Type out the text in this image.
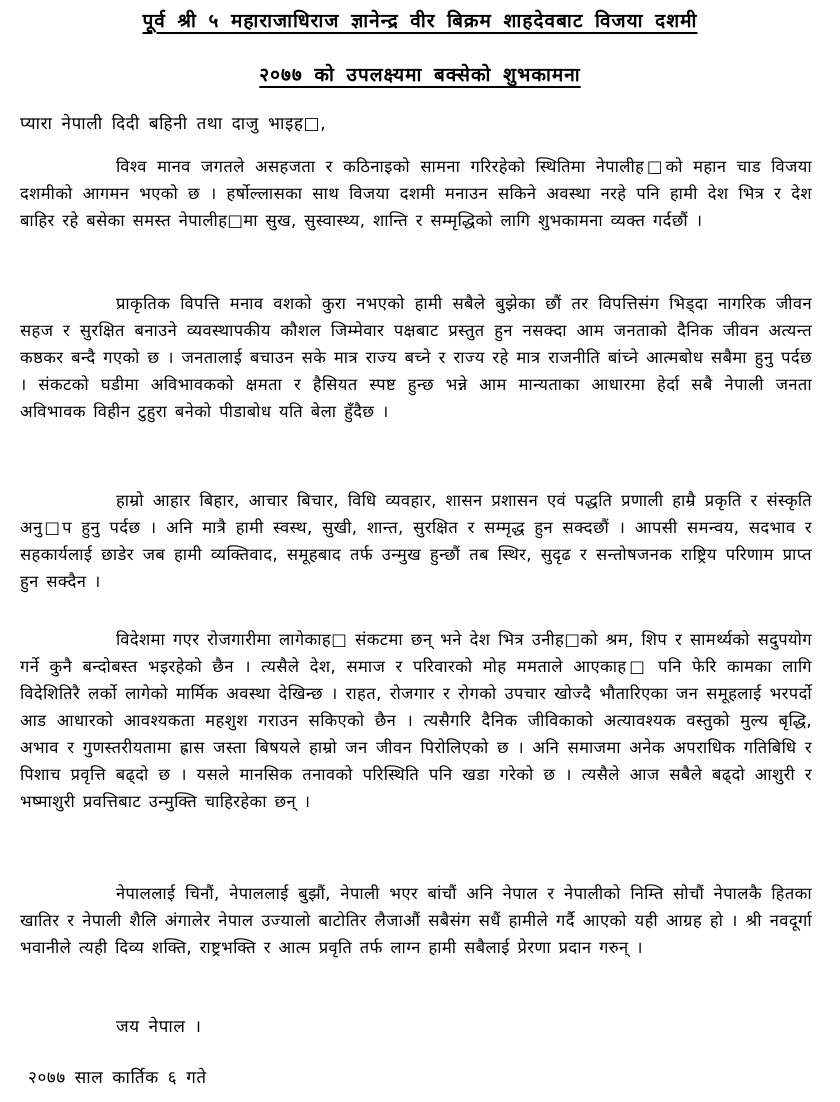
पूर्व श्री ५ महाराजाधिराज ज्ञानेन्द्र वीर बिक्रम शाहदेवबाट विजया दशमी
२०७७ को उपलक्ष्यमा बक्सेको शुभकामना
प्यारा नेपाली दिदी बहिनी तथा दाजु भाइह□,

विश्व मानव जगतले असहजता र कठिनाइको सामना गरिरहेको स्थितिमा नेपालीह□को महान चाड विजया दशमीको आगमन भएको छ । हर्षोल्लासका साथ विजया दशमी मनाउन सकिने अवस्था नरहे पनि हामी देश भित्र र देश बाहिर रहे बसेका समस्त नेपालीह□मा सुख, सुस्वास्थ्य, शान्ति र सम्मृद्धिको लागि शुभकामना व्यक्त गर्दछौं ।

प्राकृतिक विपत्ति मनाव वशको कुरा नभएको हामी सबैले बुझेका छौं तर विपत्तिसंग भिड्दा नागरिक जीवन सहज र सुरक्षित बनाउने व्यवस्थापकीय कौशल जिम्मेवार पक्षबाट प्रस्तुत हुन नसक्दा आम जनताको दैनिक जीवन अत्यन्त कष्ठकर बन्दै गएको छ । जनतालाई बचाउन सके मात्र राज्य बच्ने र राज्य रहे मात्र राजनीति बांच्ने आत्मबोध सबैमा हुनु पर्दछ । संकटको घडीमा अविभावकको क्षमता र हैसियत स्पष्ट हुन्छ भन्ने आम मान्यताका आधारमा हेर्दा सबै नेपाली जनता अविभावक विहीन टुहुरा बनेको पीडाबोध यति बेला हुँदैछ ।

हाम्रो आहार बिहार, आचार बिचार, विधि व्यवहार, शासन प्रशासन एवं पद्धति प्रणाली हाम्रै प्रकृति र संस्कृति अनु□प हुनु पर्दछ । अनि मात्रै हामी स्वस्थ, सुखी, शान्त, सुरक्षित र सम्मृद्ध हुन सक्दछौं । आपसी समन्वय, सदभाव र सहकार्यलाई छाडेर जब हामी व्यक्तिवाद, समूहबाद तर्फ उन्मुख हुन्छौं तब स्थिर, सुदृढ र सन्तोषजनक राष्ट्रिय परिणाम प्राप्त हुन सक्दैन ।

विदेशमा गएर रोजगारीमा लागेकाह□ संकटमा छन् भने देश भित्र उनीह□को श्रम, शिप र सामर्थ्यको सदुपयोग गर्ने कुनै बन्दोबस्त भइरहेको छैन । त्यसैले देश, समाज र परिवारको मोह ममताले आएकाह□ पनि फेरि कामका लागि विदेशितिरै लर्को लागेको मार्मिक अवस्था देखिन्छ । राहत, रोजगार र रोगको उपचार खोज्दै भौतारिएका जन समूहलाई भरपर्दो आड आधारको आवश्यकता महशुश गराउन सकिएको छैन । त्यसैगरि दैनिक जीविकाको अत्यावश्यक वस्तुको मुल्य बृद्धि, अभाव र गुणस्तरीयतामा ह्रास जस्ता बिषयले हाम्रो जन जीवन पिरोलिएको छ । अनि समाजमा अनेक अपराधिक गतिबिधि र पिशाच प्रवृत्ति बढ्दो छ । यसले मानसिक तनावको परिस्थिति पनि खडा गरेको छ । त्यसैले आज सबैले बढ्दो आशुरी र भष्माशुरी प्रवत्तिबाट उन्मुक्ति चाहिरहेका छन् ।

नेपाललाई चिनौं, नेपाललाई बुझौं, नेपाली भएर बांचौं अनि नेपाल र नेपालीको निम्ति सोचौं नेपालकै हितका खातिर र नेपाली शैलि अंगालेर नेपाल उज्यालो बाटोतिर लैजाऔं सबैसंग सधैं हामीले गर्दै आएको यही आग्रह हो । श्री नवदूर्गा भवानीले त्यही दिव्य शक्ति, राष्ट्रभक्ति र आत्म प्रवृति तर्फ लाग्न हामी सबैलाई प्रेरणा प्रदान गरुन् ।

जय नेपाल ।
२०७७ साल कार्तिक ६ गते
